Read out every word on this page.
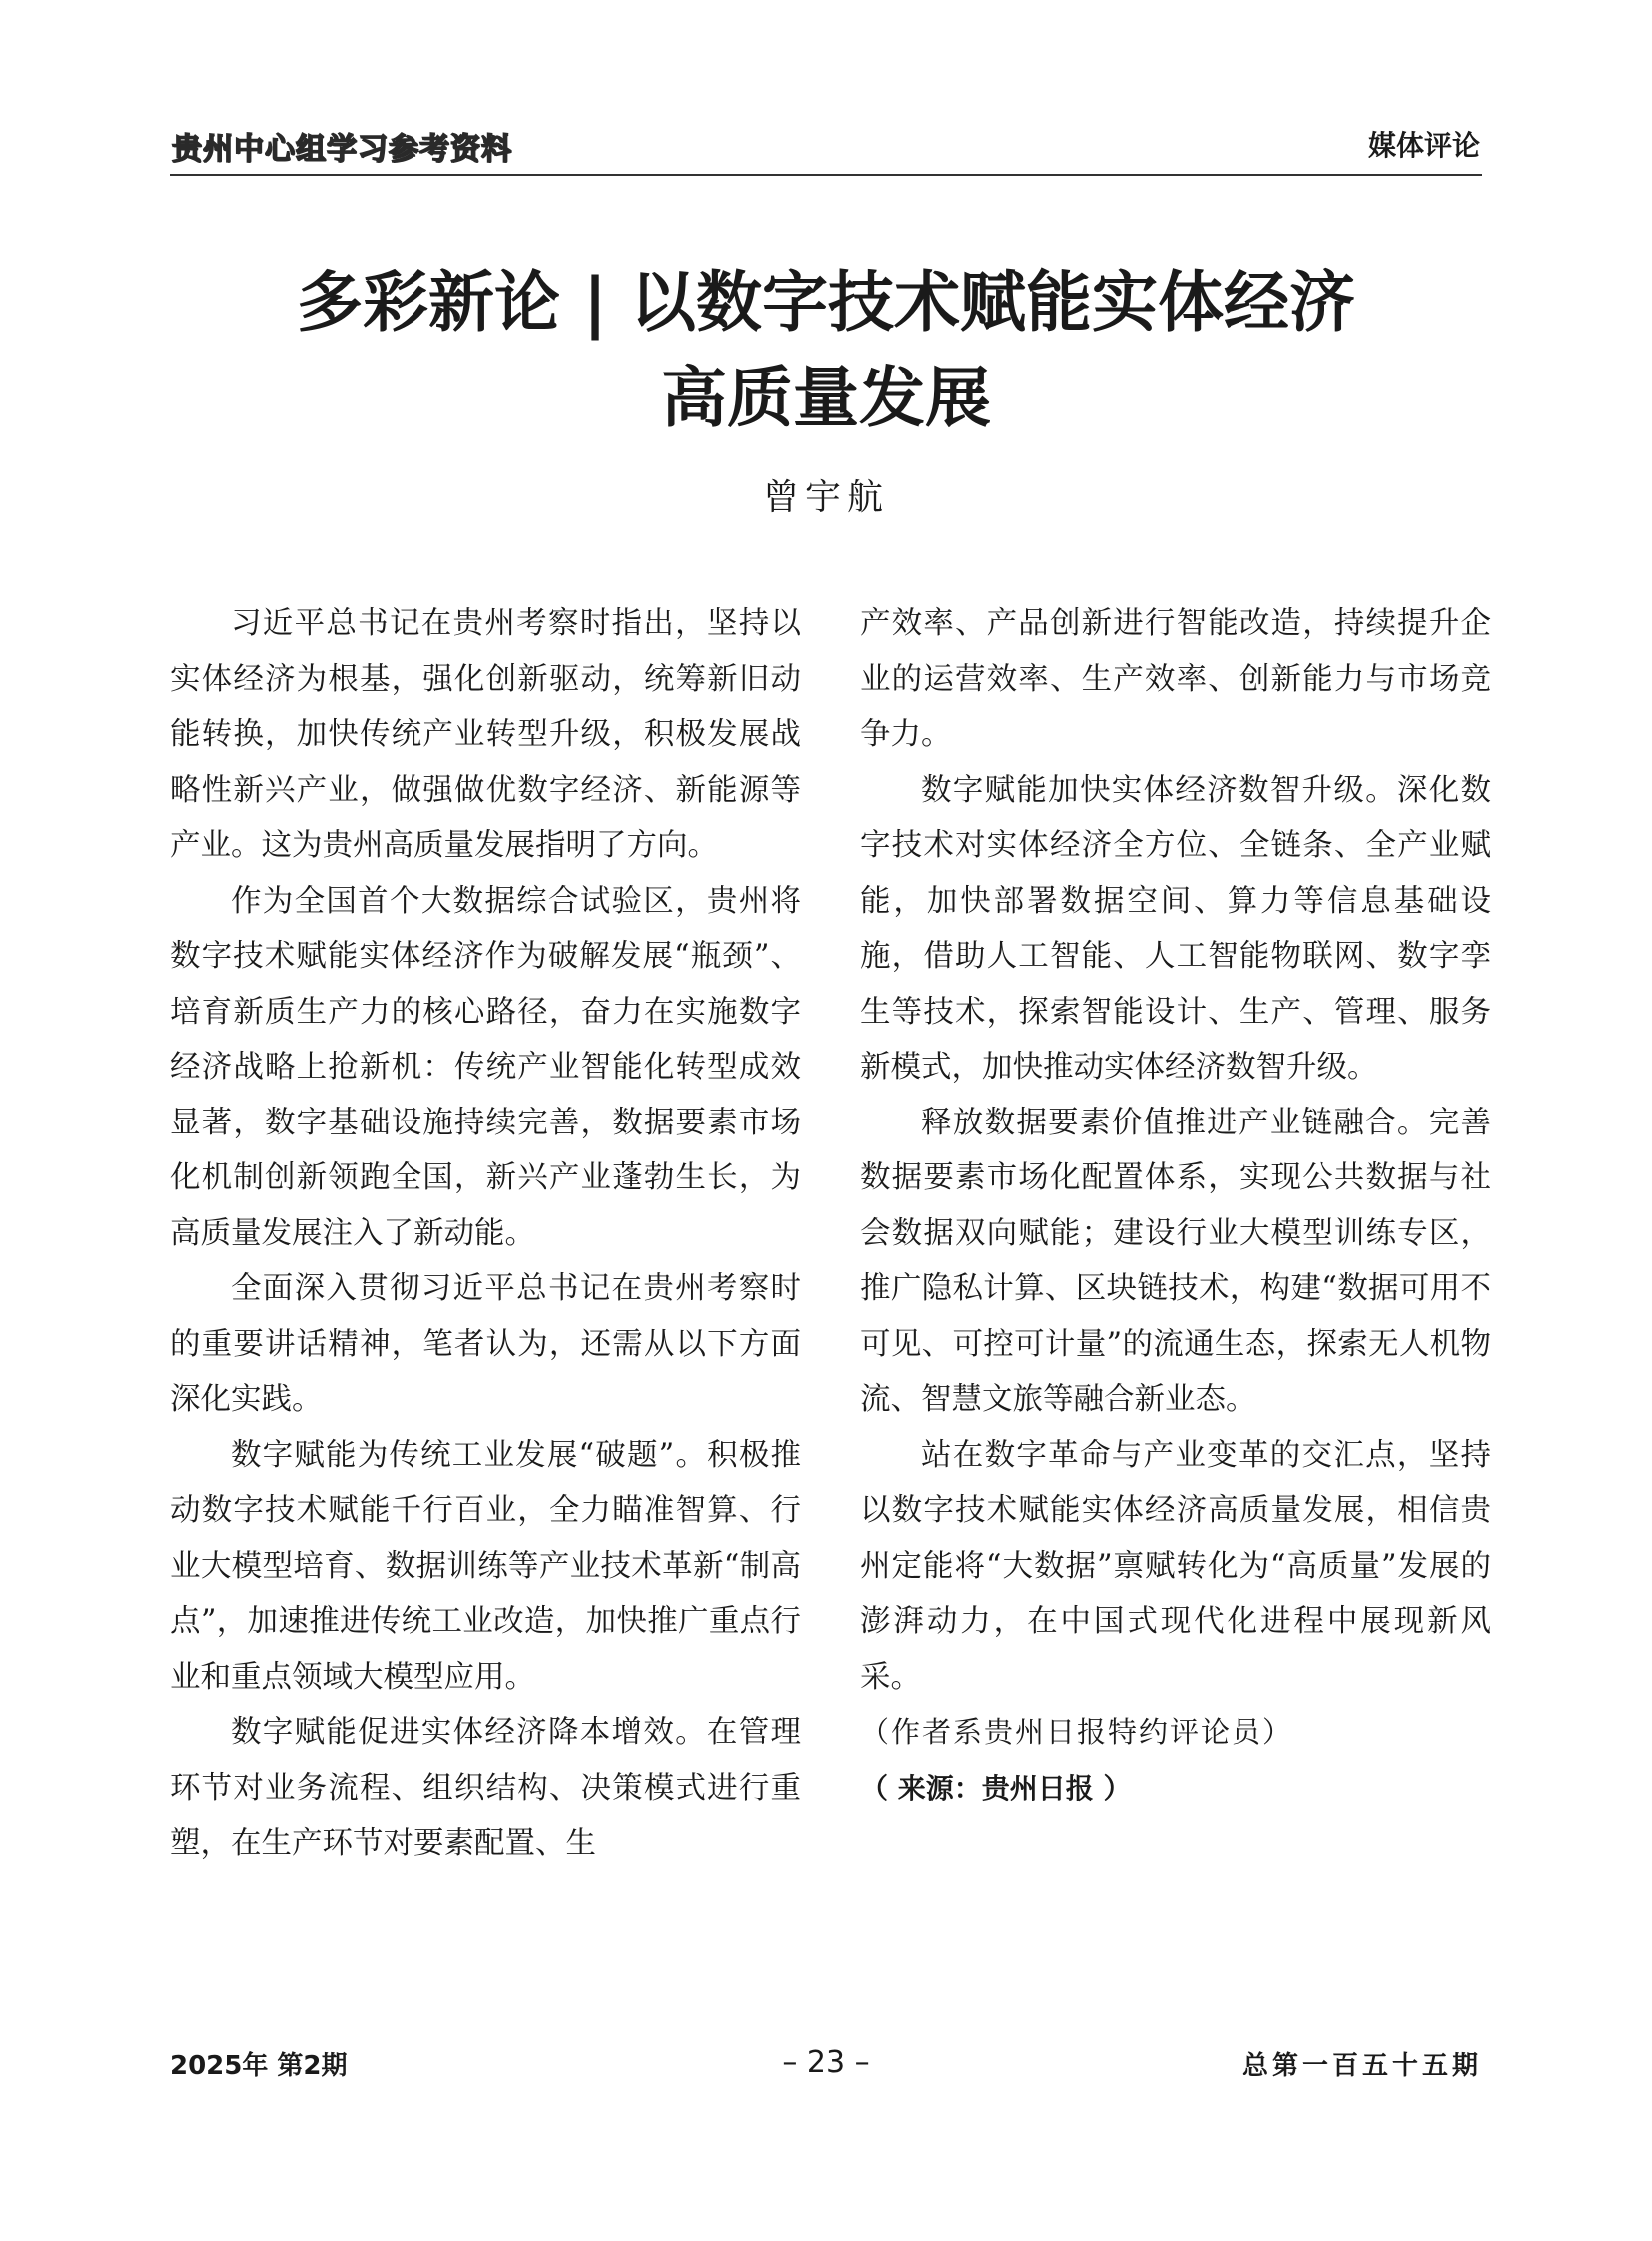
贵州中心组学习参考资料	媒体评论
多彩新论 | 以数字技术赋能实体经济
高质量发展
曾宇航

习近平总书记在贵州考察时指出，坚持以实体经济为根基，强化创新驱动，统筹新旧动能转换，加快传统产业转型升级，积极发展战略性新兴产业，做强做优数字经济、新能源等产业。这为贵州高质量发展指明了方向。

作为全国首个大数据综合试验区，贵州将数字技术赋能实体经济作为破解发展“瓶颈”、培育新质生产力的核心路径，奋力在实施数字经济战略上抢新机：传统产业智能化转型成效显著，数字基础设施持续完善，数据要素市场化机制创新领跑全国，新兴产业蓬勃生长，为高质量发展注入了新动能。

全面深入贯彻习近平总书记在贵州考察时的重要讲话精神，笔者认为，还需从以下方面深化实践。

数字赋能为传统工业发展“破题”。积极推动数字技术赋能千行百业，全力瞄准智算、行业大模型培育、数据训练等产业技术革新“制高点”，加速推进传统工业改造，加快推广重点行业和重点领域大模型应用。

数字赋能促进实体经济降本增效。在管理环节对业务流程、组织结构、决策模式进行重塑，在生产环节对要素配置、生

产效率、产品创新进行智能改造，持续提升企业的运营效率、生产效率、创新能力与市场竞争力。

数字赋能加快实体经济数智升级。深化数字技术对实体经济全方位、全链条、全产业赋能，加快部署数据空间、算力等信息基础设施，借助人工智能、人工智能物联网、数字孪生等技术，探索智能设计、生产、管理、服务新模式，加快推动实体经济数智升级。

释放数据要素价值推进产业链融合。完善数据要素市场化配置体系，实现公共数据与社会数据双向赋能；建设行业大模型训练专区，推广隐私计算、区块链技术，构建“数据可用不可见、可控可计量”的流通生态，探索无人机物流、智慧文旅等融合新业态。

站在数字革命与产业变革的交汇点，坚持以数字技术赋能实体经济高质量发展，相信贵州定能将“大数据”禀赋转化为“高质量”发展的澎湃动力，在中国式现代化进程中展现新风采。

（作者系贵州日报特约评论员）

（ 来源：贵州日报 ）

2025年 第2期	– 23 –	总第一百五十五期
